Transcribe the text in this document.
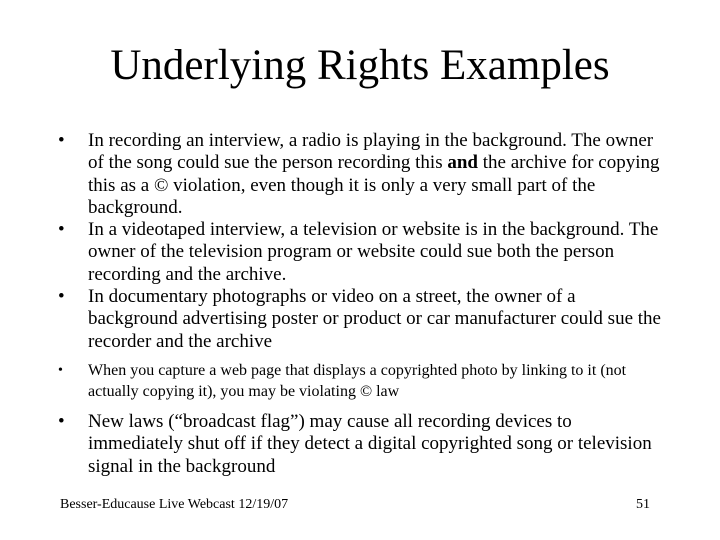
Underlying Rights Examples
• In recording an interview, a radio is playing in the background. The owner of the song could sue the person recording this and the archive for copying this as a © violation, even though it is only a very small part of the background.
• In a videotaped interview, a television or website is in the background. The owner of the television program or website could sue both the person recording and the archive.
• In documentary photographs or video on a street, the owner of a background advertising poster or product or car manufacturer could sue the recorder and the archive
• When you capture a web page that displays a copyrighted photo by linking to it (not actually copying it), you may be violating © law
• New laws (“broadcast flag”) may cause all recording devices to immediately shut off if they detect a digital copyrighted song or television signal in the background
Besser-Educause Live Webcast 12/19/07	51
